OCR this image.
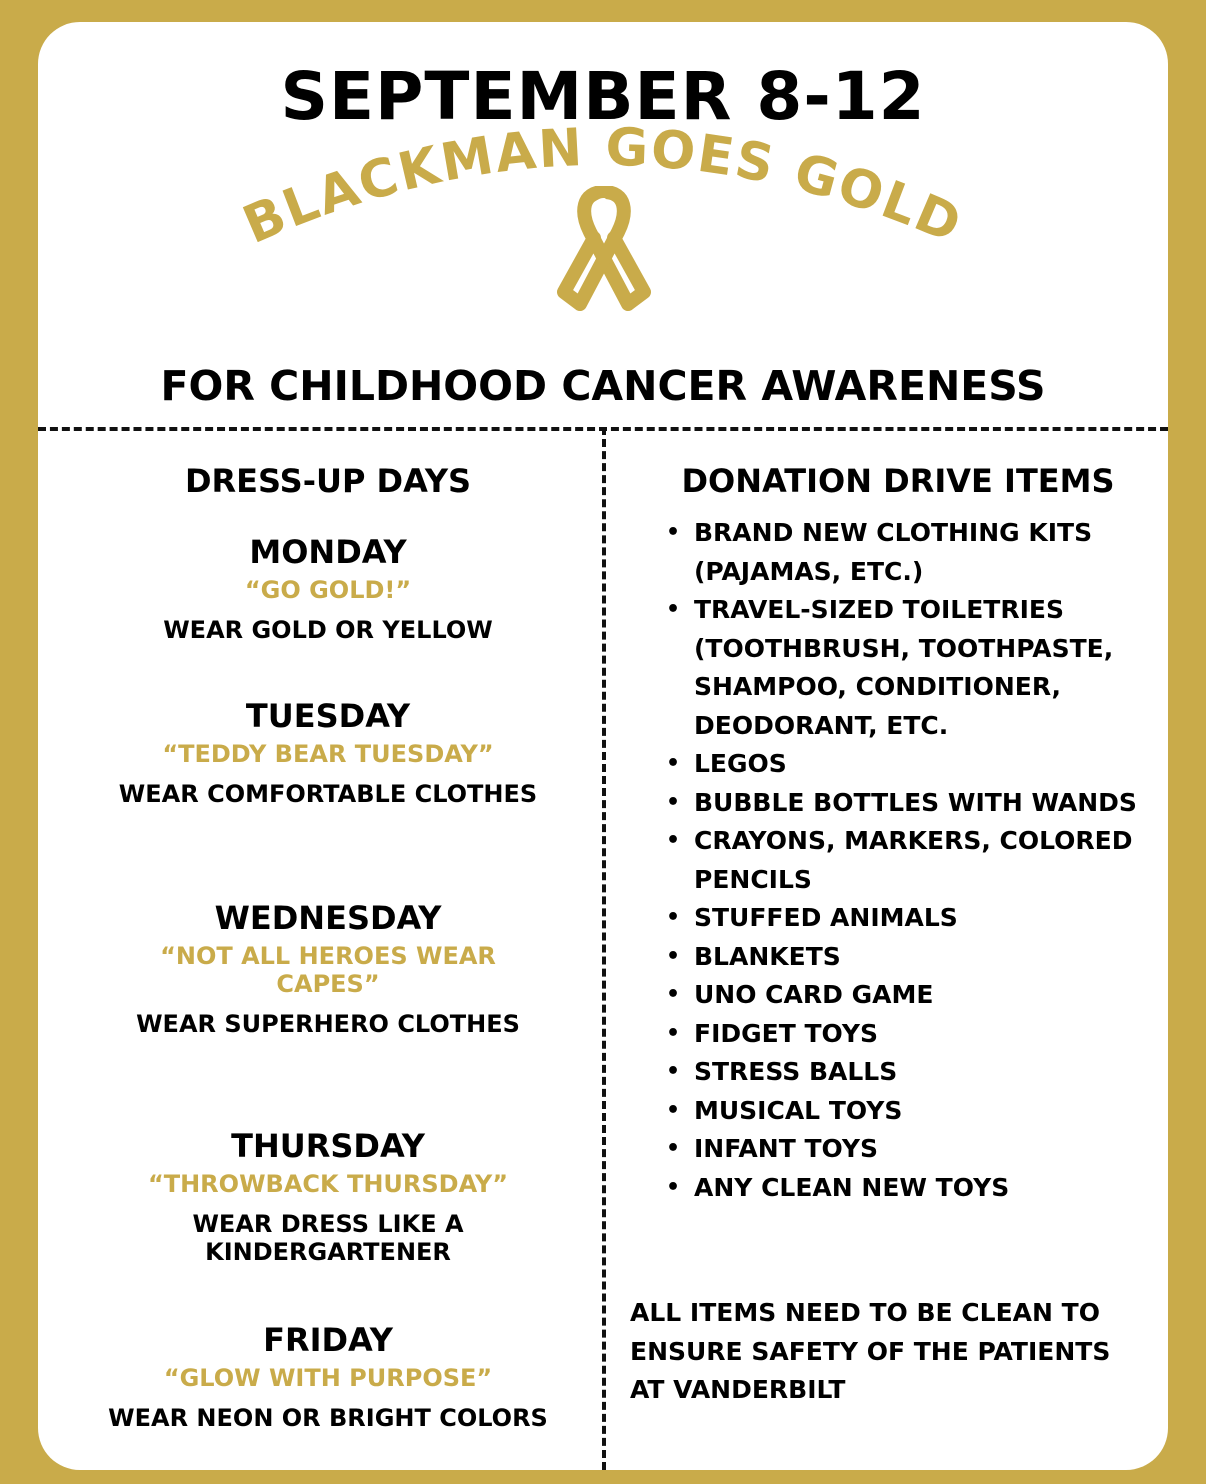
SEPTEMBER 8-12
BLACKMAN GOES GOLD
FOR CHILDHOOD CANCER AWARENESS
DRESS-UP DAYS	DONATION DRIVE ITEMS
MONDAY
“GO GOLD!”
WEAR GOLD OR YELLOW
TUESDAY
“TEDDY BEAR TUESDAY”
WEAR COMFORTABLE CLOTHES
WEDNESDAY
“NOT ALL HEROES WEAR CAPES”
WEAR SUPERHERO CLOTHES
THURSDAY
“THROWBACK THURSDAY”
WEAR DRESS LIKE A KINDERGARTENER
FRIDAY
“GLOW WITH PURPOSE”
WEAR NEON OR BRIGHT COLORS
• BRAND NEW CLOTHING KITS (PAJAMAS, ETC.)
• TRAVEL-SIZED TOILETRIES (TOOTHBRUSH, TOOTHPASTE, SHAMPOO, CONDITIONER, DEODORANT, ETC.
• LEGOS
• BUBBLE BOTTLES WITH WANDS
• CRAYONS, MARKERS, COLORED PENCILS
• STUFFED ANIMALS
• BLANKETS
• UNO CARD GAME
• FIDGET TOYS
• STRESS BALLS
• MUSICAL TOYS
• INFANT TOYS
• ANY CLEAN NEW TOYS
ALL ITEMS NEED TO BE CLEAN TO ENSURE SAFETY OF THE PATIENTS AT VANDERBILT
